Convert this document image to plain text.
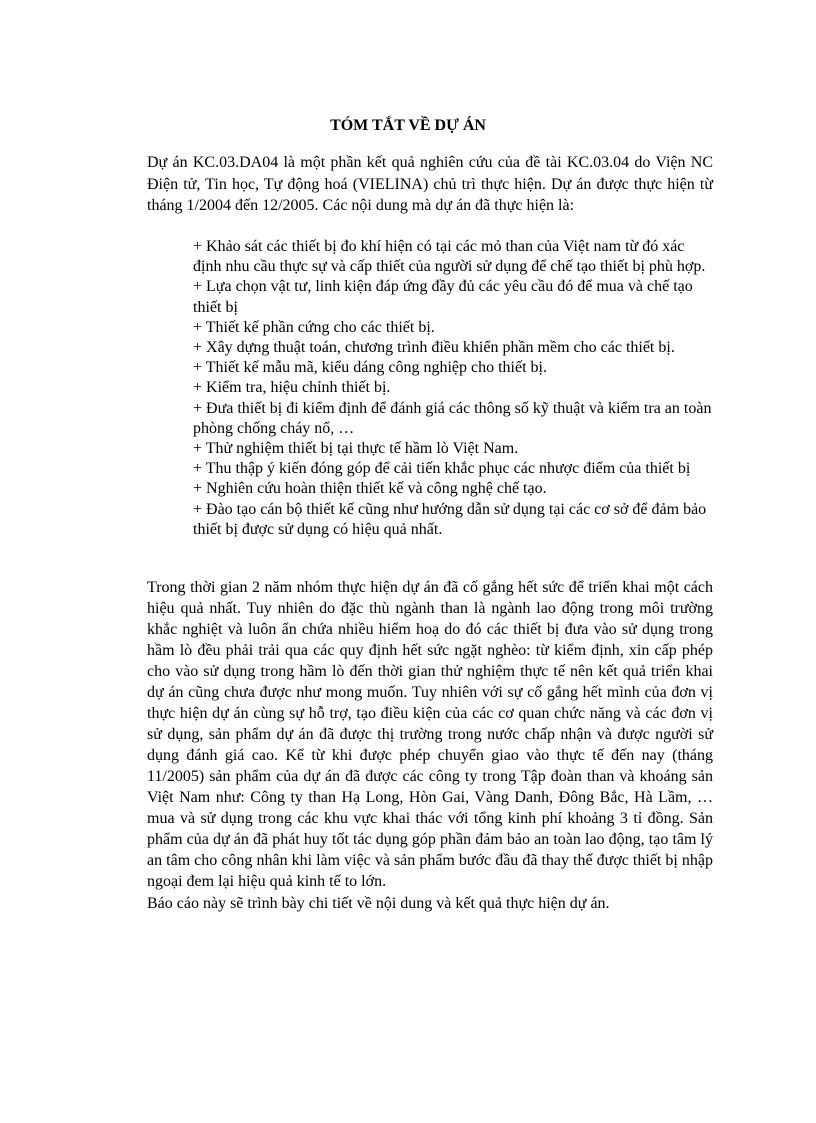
TÓM TẮT VỀ DỰ ÁN

Dự án KC.03.DA04 là một phần kết quả nghiên cứu của đề tài KC.03.04 do Viện NC Điện tử, Tin học, Tự động hoá (VIELINA) chủ trì thực hiện. Dự án được thực hiện từ tháng 1/2004 đến 12/2005. Các nội dung mà dự án đã thực hiện là:

+ Khảo sát các thiết bị đo khí hiện có tại các mỏ than của Việt nam từ đó xác định nhu cầu thực sự và cấp thiết của người sử dụng để chế tạo thiết bị phù hợp.
+ Lựa chọn vật tư, linh kiện đáp ứng đầy đủ các yêu cầu đó để mua và chế tạo thiết bị
+ Thiết kế phần cứng cho các thiết bị.
+ Xây dựng thuật toán, chương trình điều khiển phần mềm cho các thiết bị.
+ Thiết kế mẫu mã, kiểu dáng công nghiệp cho thiết bị.
+ Kiểm tra, hiệu chỉnh thiết bị.
+ Đưa thiết bị đi kiểm định để đánh giá các thông số kỹ thuật và kiểm tra an toàn phòng chống cháy nổ, …
+ Thử nghiệm thiết bị tại thực tế hầm lò Việt Nam.
+ Thu thập ý kiến đóng góp để cải tiến khắc phục các nhược điểm của thiết bị
+ Nghiên cứu hoàn thiện thiết kế và công nghệ chế tạo.
+ Đào tạo cán bộ thiết kế cũng như hướng dẫn sử dụng tại các cơ sở để đảm bảo thiết bị được sử dụng có hiệu quả nhất.

Trong thời gian 2 năm nhóm thực hiện dự án đã cố gắng hết sức để triển khai một cách hiệu quả nhất. Tuy nhiên do đặc thù ngành than là ngành lao động trong môi trường khắc nghiệt và luôn ẩn chứa nhiều hiểm hoạ do đó các thiết bị đưa vào sử dụng trong hầm lò đều phải trải qua các quy định hết sức ngặt nghèo: từ kiểm định, xin cấp phép cho vào sử dụng trong hầm lò đến thời gian thử nghiệm thực tế nên kết quả triển khai dự án cũng chưa được như mong muốn. Tuy nhiên với sự cố gắng hết mình của đơn vị thực hiện dự án cùng sự hỗ trợ, tạo điều kiện của các cơ quan chức năng và các đơn vị sử dụng, sản phẩm dự án đã được thị trường trong nước chấp nhận và được người sử dụng đánh giá cao. Kể từ khi được phép chuyển giao vào thực tế đến nay (tháng 11/2005) sản phẩm của dự án đã được các công ty trong Tập đoàn than và khoáng sản Việt Nam như: Công ty than Hạ Long, Hòn Gai, Vàng Danh, Đông Bắc, Hà Lầm, … mua và sử dụng trong các khu vực khai thác với tổng kinh phí khoảng 3 tỉ đồng. Sản phẩm của dự án đã phát huy tốt tác dụng góp phần đảm bảo an toàn lao động, tạo tâm lý an tâm cho công nhân khi làm việc và sản phẩm bước đầu đã thay thế được thiết bị nhập ngoại đem lại hiệu quả kinh tế to lớn.

Báo cáo này sẽ trình bày chi tiết về nội dung và kết quả thực hiện dự án.
